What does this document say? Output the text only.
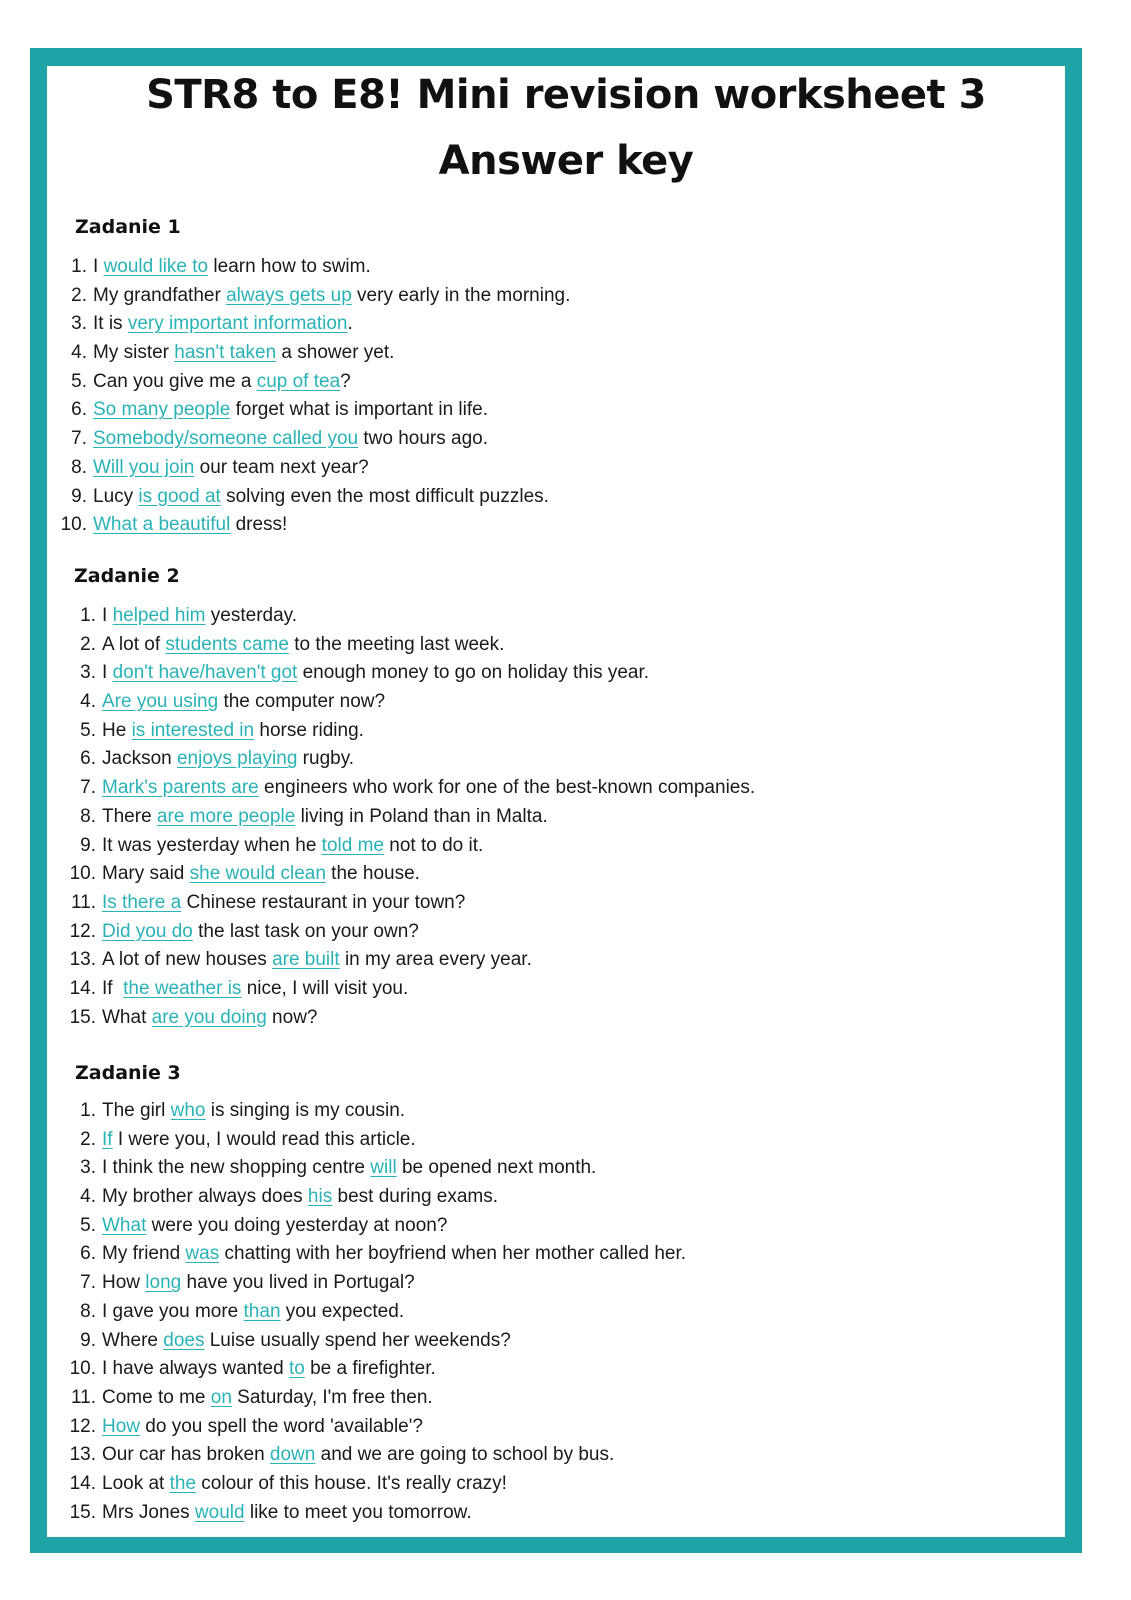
STR8 to E8! Mini revision worksheet 3
Answer key
Zadanie 1
1. I would like to learn how to swim.
2. My grandfather always gets up very early in the morning.
3. It is very important information .
4. My sister hasn't taken a shower yet.
5. Can you give me a cup of tea ?
6. So many people forget what is important in life.
7. Somebody/someone called you two hours ago.
8. Will you join our team next year?
9. Lucy is good at solving even the most difficult puzzles.
10. What a beautiful dress!
Zadanie 2
1. I helped him yesterday.
2. A lot of students came to the meeting last week.
3. I don't have/haven't got enough money to go on holiday this year.
4. Are you using the computer now?
5. He is interested in horse riding.
6. Jackson enjoys playing rugby.
7. Mark's parents are engineers who work for one of the best-known companies.
8. There are more people living in Poland than in Malta.
9. It was yesterday when he told me not to do it.
10. Mary said she would clean the house.
11. Is there a Chinese restaurant in your town?
12. Did you do the last task on your own?
13. A lot of new houses are built in my area every year.
14. If the weather is nice, I will visit you.
15. What are you doing now?
Zadanie 3
1. The girl who is singing is my cousin.
2. If I were you, I would read this article.
3. I think the new shopping centre will be opened next month.
4. My brother always does his best during exams.
5. What were you doing yesterday at noon?
6. My friend was chatting with her boyfriend when her mother called her.
7. How long have you lived in Portugal?
8. I gave you more than you expected.
9. Where does Luise usually spend her weekends?
10. I have always wanted to be a firefighter.
11. Come to me on Saturday, I'm free then.
12. How do you spell the word 'available'?
13. Our car has broken down and we are going to school by bus.
14. Look at the colour of this house. It's really crazy!
15. Mrs Jones would like to meet you tomorrow.
